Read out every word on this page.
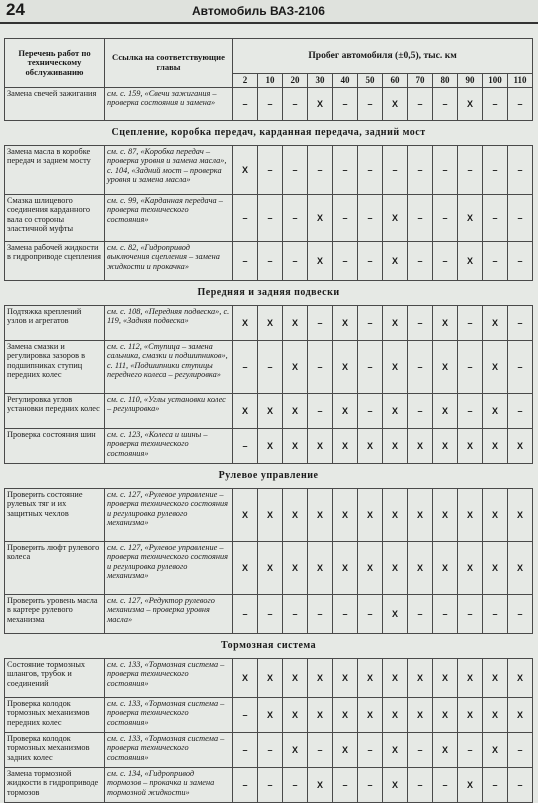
24	Автомобиль ВАЗ-2106
Перечень работ по техническому обслуживанию	Ссылка на соответствующие главы	Пробег автомобиля (±0,5), тыс. км											
		2	10	20	30	40	50	60	70	80	90	100	110
Замена свечей зажигания	см. с. 159, «Свечи зажигания – проверка состояния и замена»	–	–	–	Х	–	–	Х	–	–	Х	–	–
Сцепление, коробка передач, карданная передача, задний мост													
Замена масла в коробке передач и заднем мосту	см. с. 87, «Коробка передач – проверка уровня и замена масла», с. 104, «Задний мост – проверка уровня и замена масла»	Х	–	–	–	–	–	–	–	–	–	–	–
Смазка шлицевого соединения карданного вала со стороны эластичной муфты	см. с. 99, «Карданная передача – проверка технического состояния»	–	–	–	Х	–	–	Х	–	–	Х	–	–
Замена рабочей жидкости в гидроприводе сцепления	см. с. 82, «Гидропривод выключения сцепления – замена жидкости и прокачка»	–	–	–	Х	–	–	Х	–	–	Х	–	–
Передняя и задняя подвески													
Подтяжка креплений узлов и агрегатов	см. с. 108, «Передняя подвеска», с. 119, «Задняя подвеска»	Х	Х	Х	–	Х	–	Х	–	Х	–	Х	–
Замена смазки и регулировка зазоров в подшипниках ступиц передних колес	см. с. 112, «Ступица – замена сальника, смазки и подшипников», с. 111, «Подшипники ступицы переднего колеса – регулировка»	–	–	Х	–	Х	–	Х	–	Х	–	Х	–
Регулировка углов установки передних колес	см. с. 110, «Углы установки колес – регулировка»	Х	Х	Х	–	Х	–	Х	–	Х	–	Х	–
Проверка состояния шин	см. с. 123, «Колеса и шины – проверка технического состояния»	–	Х	Х	Х	Х	Х	Х	Х	Х	Х	Х	Х
Рулевое управление													
Проверить состояние рулевых тяг и их защитных чехлов	см. с. 127, «Рулевое управление – проверка технического состояния и регулировка рулевого механизма»	Х	Х	Х	Х	Х	Х	Х	Х	Х	Х	Х	Х
Проверить люфт рулевого колеса	см. с. 127, «Рулевое управление – проверка технического состояния и регулировка рулевого механизма»	Х	Х	Х	Х	Х	Х	Х	Х	Х	Х	Х	Х
Проверить уровень масла в картере рулевого механизма	см. с. 127, «Редуктор рулевого механизма – проверка уровня масла»	–	–	–	–	–	–	Х	–	–	–	–	–
Тормозная система													
Состояние тормозных шлангов, трубок и соединений	см. с. 133, «Тормозная система – проверка технического состояния»	Х	Х	Х	Х	Х	Х	Х	Х	Х	Х	Х	Х
Проверка колодок тормозных механизмов передних колес	см. с. 133, «Тормозная система – проверка технического состояния»	–	Х	Х	Х	Х	Х	Х	Х	Х	Х	Х	Х
Проверка колодок тормозных механизмов задних колес	см. с. 133, «Тормозная система – проверка технического состояния»	–	–	Х	–	Х	–	Х	–	Х	–	Х	–
Замена тормозной жидкости в гидроприводе тормозов	см. с. 134, «Гидропривод тормозов – прокачка и замена тормозной жидкости»	–	–	–	Х	–	–	Х	–	–	Х	–	–
